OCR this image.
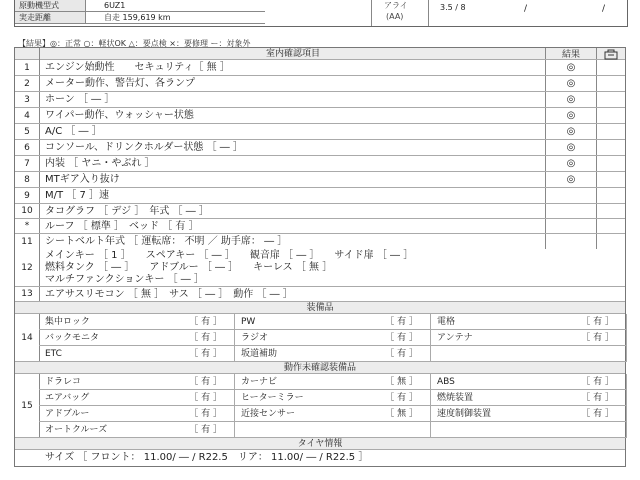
原動機型式	6UZ1
実走距離	自走 159,619 km
アライ
(AA)
3.5 / 8	/	/
【結果】◎：正常 ○：軽状OK △：要点検 ×：要修理 ー：対象外
室内確認項目	結果
1	エンジン始動性　　セキュリティ［ 無 ］	◎
2	メーター動作、警告灯、各ランプ	◎
3	ホーン ［ ― ］	◎
4	ワイパー動作、ウォッシャー状態	◎
5	A/C ［ ― ］	◎
6	コンソール、ドリンクホルダー状態 ［ ― ］	◎
7	内装 ［ ヤニ・やぶれ ］	◎
8	MTギア入り抜け	◎
9	M/T ［ 7 ］速
10	タコグラフ ［ デジ ］　年式 ［ ― ］
*	ルーフ ［ 標準 ］　ベッド ［ 有 ］
11	シートベルト年式 ［ 運転席： 不明 ／ 助手席： ― ］
12
メインキー ［ 1 ］　　スペアキー ［ ― ］　　観音扉 ［ ― ］　　サイド扉 ［ ― ］
燃料タンク ［ ― ］　　アドブルー ［ ― ］　　キーレス ［ 無 ］
マルチファンクションキー ［ ― ］
13	エアサスリモコン ［ 無 ］　サス ［ ― ］　動作 ［ ― ］
装備品
14
集中ロック	［ 有 ］ PW	［ 有 ］ 電格	［ 有 ］
バックモニタ	［ 有 ］ ラジオ	［ 有 ］ アンテナ	［ 有 ］
ETC	［ 有 ］ 坂道補助	［ 有 ］
動作未確認装備品
15
ドラレコ	［ 有 ］ カーナビ	［ 無 ］ ABS	［ 有 ］
エアバッグ	［ 有 ］ ヒーターミラー	［ 有 ］ 燃焼装置	［ 有 ］
アドブルー	［ 有 ］ 近接センサー	［ 無 ］ 速度制御装置	［ 有 ］
オートクルーズ	［ 有 ］
タイヤ情報
サイズ ［ フロント： 11.00/ ― / R22.5　リア： 11.00/ ― / R22.5 ］
